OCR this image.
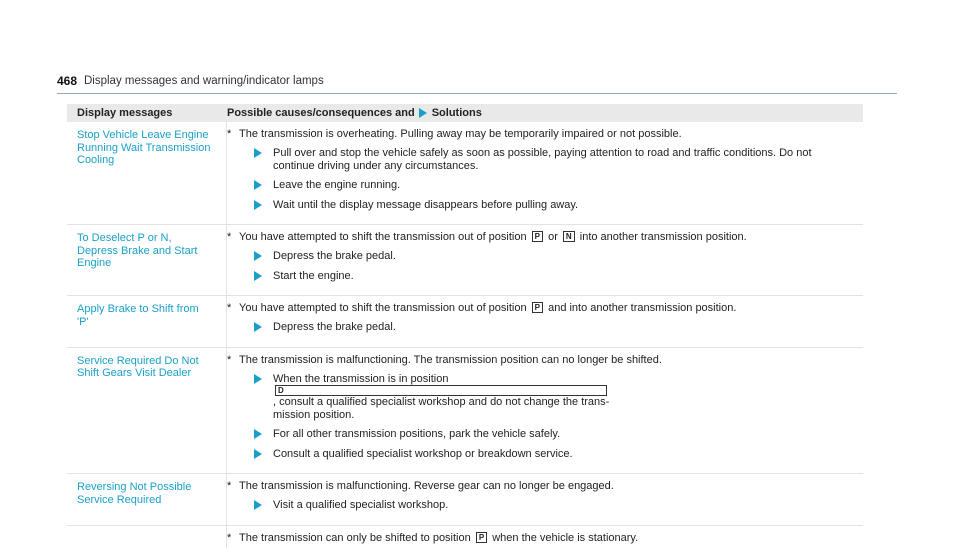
468 Display messages and warning/indicator lamps
Display messages	Possible causes/consequences and Solutions
Stop Vehicle Leave Engine
Running Wait Transmission
Cooling
* The transmission is overheating. Pulling away may be temporarily impaired or not possible.
Pull over and stop the vehicle safely as soon as possible, paying attention to road and traffic conditions. Do not
continue driving under any circumstances.
Leave the engine running.
Wait until the display message disappears before pulling away.
To Deselect P or N,
Depress Brake and Start
Engine
* You have attempted to shift the transmission out of position P or N into another transmission position.
Depress the brake pedal.
Start the engine.
Apply Brake to Shift from
'P'
* You have attempted to shift the transmission out of position P and into another transmission position.
Depress the brake pedal.
Service Required Do Not
Shift Gears Visit Dealer
* The transmission is malfunctioning. The transmission position can no longer be shifted.
When the transmission is in position
D
, consult a qualified specialist workshop and do not change the trans-
mission position.
For all other transmission positions, park the vehicle safely.
Consult a qualified specialist workshop or breakdown service.
Reversing Not Possible
Service Required
* The transmission is malfunctioning. Reverse gear can no longer be engaged.
Visit a qualified specialist workshop.
* The transmission can only be shifted to position P when the vehicle is stationary.
